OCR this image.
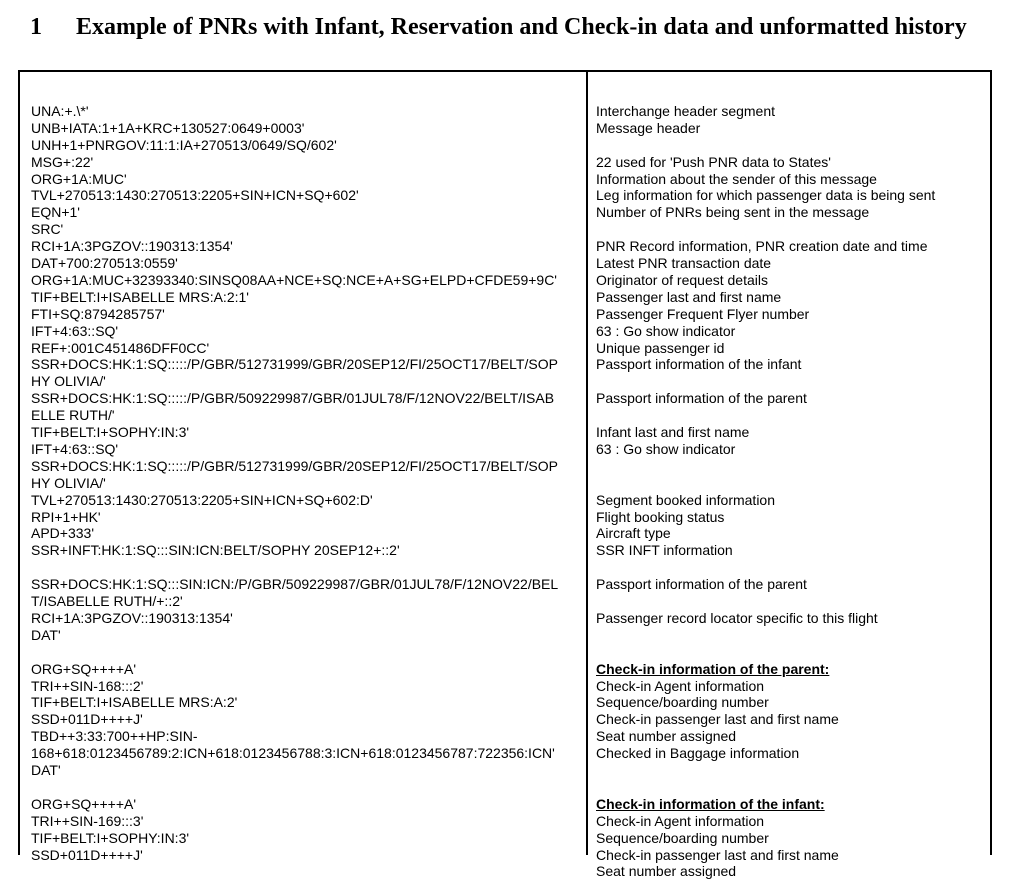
1 Example of PNRs with Infant, Reservation and Check-in data and unformatted history
UNA:+.\*'
UNB+IATA:1+1A+KRC+130527:0649+0003'
UNH+1+PNRGOV:11:1:IA+270513/0649/SQ/602'
MSG+:22'
ORG+1A:MUC'
TVL+270513:1430:270513:2205+SIN+ICN+SQ+602'
EQN+1'
SRC'
RCI+1A:3PGZOV::190313:1354'
DAT+700:270513:0559'
ORG+1A:MUC+32393340:SINSQ08AA+NCE+SQ:NCE+A+SG+ELPD+CFDE59+9C'
TIF+BELT:I+ISABELLE MRS:A:2:1'
FTI+SQ:8794285757'
IFT+4:63::SQ'
REF+:001C451486DFF0CC'
SSR+DOCS:HK:1:SQ:::::/P/GBR/512731999/GBR/20SEP12/FI/25OCT17/BELT/SOP
HY OLIVIA/'
SSR+DOCS:HK:1:SQ:::::/P/GBR/509229987/GBR/01JUL78/F/12NOV22/BELT/ISAB
ELLE RUTH/'
TIF+BELT:I+SOPHY:IN:3'
IFT+4:63::SQ'
SSR+DOCS:HK:1:SQ:::::/P/GBR/512731999/GBR/20SEP12/FI/25OCT17/BELT/SOP
HY OLIVIA/'
TVL+270513:1430:270513:2205+SIN+ICN+SQ+602:D'
RPI+1+HK'
APD+333'
SSR+INFT:HK:1:SQ:::SIN:ICN:BELT/SOPHY 20SEP12+::2'
SSR+DOCS:HK:1:SQ:::SIN:ICN:/P/GBR/509229987/GBR/01JUL78/F/12NOV22/BEL
T/ISABELLE RUTH/+::2'
RCI+1A:3PGZOV::190313:1354'
DAT'
ORG+SQ++++A'
TRI++SIN-168:::2'
TIF+BELT:I+ISABELLE MRS:A:2'
SSD+011D++++J'
TBD++3:33:700++HP:SIN-
168+618:0123456789:2:ICN+618:0123456788:3:ICN+618:0123456787:722356:ICN'
DAT'
ORG+SQ++++A'
TRI++SIN-169:::3'
TIF+BELT:I+SOPHY:IN:3'
SSD+011D++++J'
Interchange header segment
Message header
22 used for 'Push PNR data to States'
Information about the sender of this message
Leg information for which passenger data is being sent
Number of PNRs being sent in the message
PNR Record information, PNR creation date and time
Latest PNR transaction date
Originator of request details
Passenger last and first name
Passenger Frequent Flyer number
63 : Go show indicator
Unique passenger id
Passport information of the infant
Passport information of the parent
Infant last and first name
63 : Go show indicator
Segment booked information
Flight booking status
Aircraft type
SSR INFT information
Passport information of the parent
Passenger record locator specific to this flight
Check-in information of the parent:
Check-in Agent information
Sequence/boarding number
Check-in passenger last and first name
Seat number assigned
Checked in Baggage information
Check-in information of the infant:
Check-in Agent information
Sequence/boarding number
Check-in passenger last and first name
Seat number assigned
